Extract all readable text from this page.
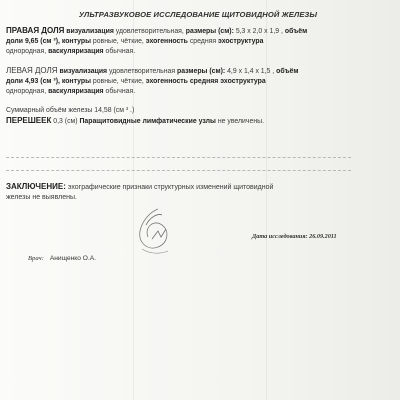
УЛЬТРАЗВУКОВОЕ ИССЛЕДОВАНИЕ ЩИТОВИДНОЙ ЖЕЛЕЗЫ
ПРАВАЯ ДОЛЯ визуализация удовлетворительная, размеры (см): 5,3 х 2,0 х 1,9 , объём
доли 9,65 (см ³), контуры ровные, чёткие, эхогенность средняя эхоструктура
однородная, васкуляризация обычная.
ЛЕВАЯ ДОЛЯ визуализация удовлетворительная размеры (см): 4,9 х 1,4 х 1,5 , объём
доли 4,93 (см ³), контуры ровные, чёткие, эхогенность средняя эхоструктура
однородная, васкуляризация обычная.
Суммарный объём железы 14,58 (см ³ .)
ПЕРЕШЕЕК 0,3 (см) Паращитовидные лимфатические узлы не увеличены.
ЗАКЛЮЧЕНИЕ: эхографические признаки структурных изменений щитовидной
железы не выявлены.
Дата исследования: 26.09.2011
Врач: Анищенко О.А.
